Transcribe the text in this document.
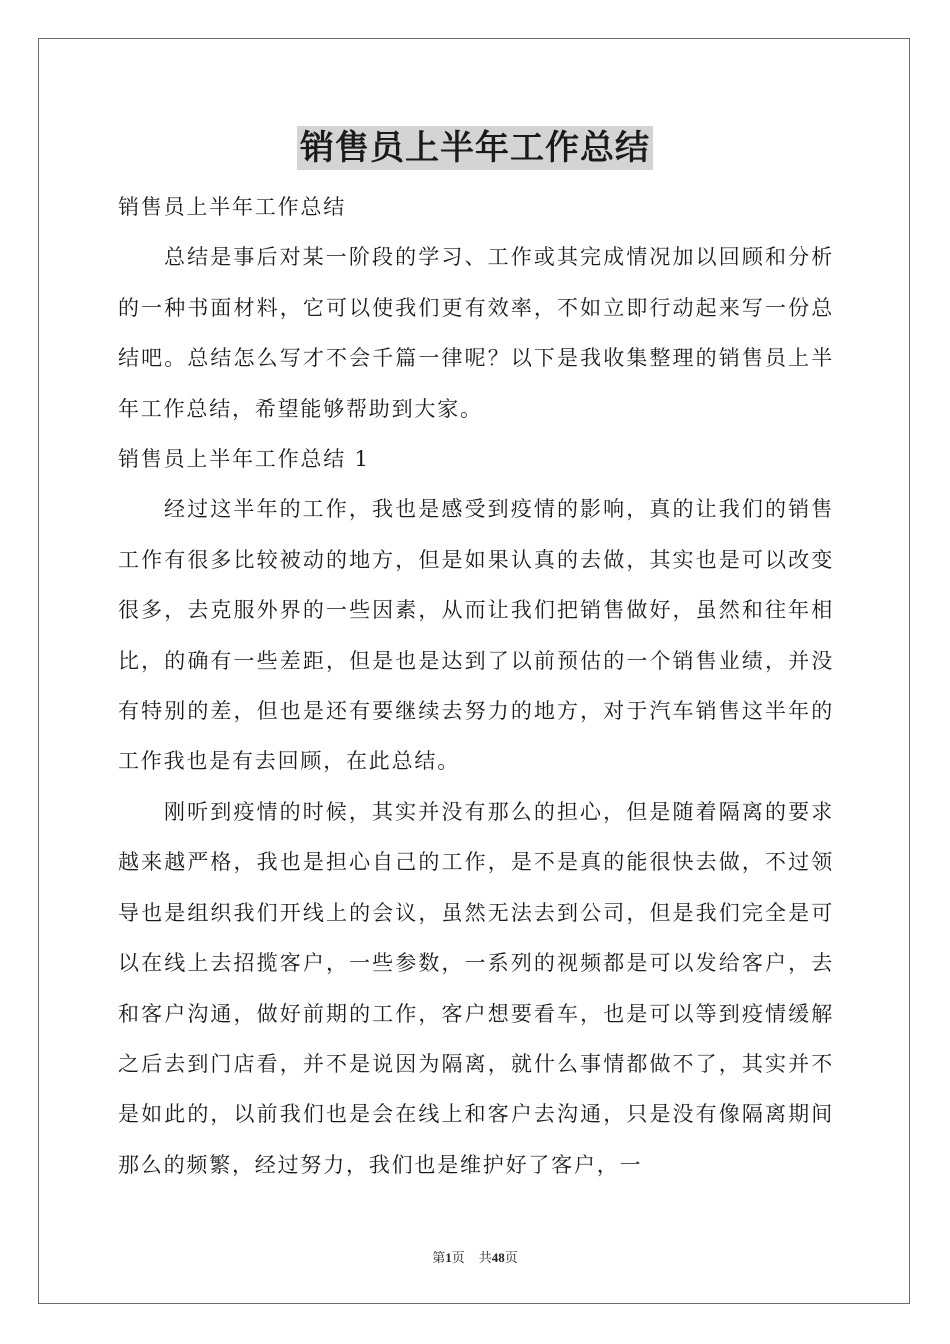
销售员上半年工作总结

销售员上半年工作总结

总结是事后对某一阶段的学习、工作或其完成情况加以回顾和分析的一种书面材料，它可以使我们更有效率，不如立即行动起来写一份总结吧。总结怎么写才不会千篇一律呢？以下是我收集整理的销售员上半年工作总结，希望能够帮助到大家。

销售员上半年工作总结 1

经过这半年的工作，我也是感受到疫情的影响，真的让我们的销售工作有很多比较被动的地方，但是如果认真的去做，其实也是可以改变很多，去克服外界的一些因素，从而让我们把销售做好，虽然和往年相比，的确有一些差距，但是也是达到了以前预估的一个销售业绩，并没有特别的差，但也是还有要继续去努力的地方，对于汽车销售这半年的工作我也是有去回顾，在此总结。

刚听到疫情的时候，其实并没有那么的担心，但是随着隔离的要求越来越严格，我也是担心自己的工作，是不是真的能很快去做，不过领导也是组织我们开线上的会议，虽然无法去到公司，但是我们完全是可以在线上去招揽客户，一些参数，一系列的视频都是可以发给客户，去和客户沟通，做好前期的工作，客户想要看车，也是可以等到疫情缓解之后去到门店看，并不是说因为隔离，就什么事情都做不了，其实并不是如此的，以前我们也是会在线上和客户去沟通，只是没有像隔离期间那么的频繁，经过努力，我们也是维护好了客户，一

第1页 共48页
